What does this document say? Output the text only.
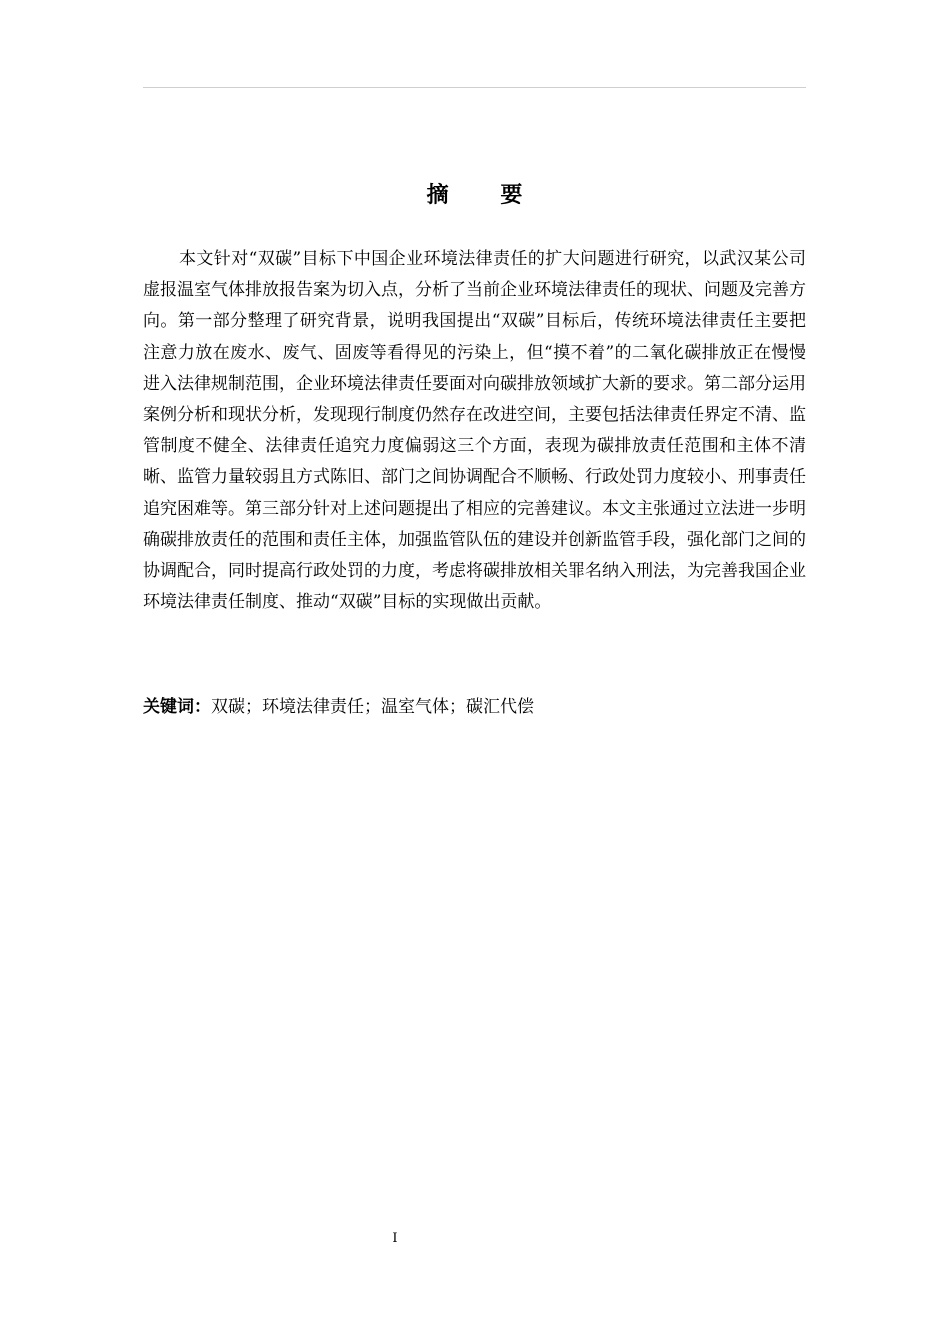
摘 要

本文针对“双碳”目标下中国企业环境法律责任的扩大问题进行研究，以武汉某公司虚报温室气体排放报告案为切入点，分析了当前企业环境法律责任的现状、问题及完善方向。第一部分整理了研究背景，说明我国提出“双碳”目标后，传统环境法律责任主要把注意力放在废水、废气、固废等看得见的污染上，但“摸不着”的二氧化碳排放正在慢慢进入法律规制范围，企业环境法律责任要面对向碳排放领域扩大新的要求。第二部分运用案例分析和现状分析，发现现行制度仍然存在改进空间，主要包括法律责任界定不清、监管制度不健全、法律责任追究力度偏弱这三个方面，表现为碳排放责任范围和主体不清晰、监管力量较弱且方式陈旧、部门之间协调配合不顺畅、行政处罚力度较小、刑事责任追究困难等。第三部分针对上述问题提出了相应的完善建议。本文主张通过立法进一步明确碳排放责任的范围和责任主体，加强监管队伍的建设并创新监管手段，强化部门之间的协调配合，同时提高行政处罚的力度，考虑将碳排放相关罪名纳入刑法，为完善我国企业环境法律责任制度、推动“双碳”目标的实现做出贡献。

关键词：双碳；环境法律责任；温室气体；碳汇代偿
I
